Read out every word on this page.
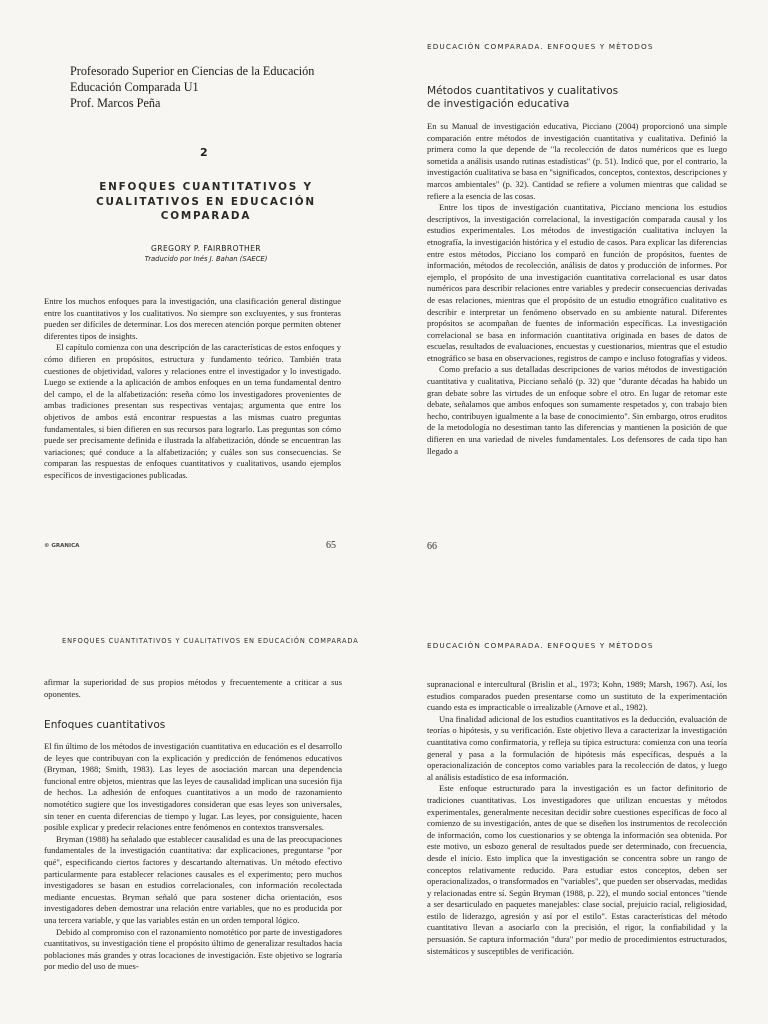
Profesorado Superior en Ciencias de la Educación
Educación Comparada U1
Prof. Marcos Peña
2
ENFOQUES CUANTITATIVOS Y
CUALITATIVOS EN EDUCACIÓN
COMPARADA
GREGORY P. FAIRBROTHER
Traducido por Inés J. Bahan (SAECE)

Entre los muchos enfoques para la investigación, una clasificación general distingue entre los cuantitativos y los cualitativos. No siempre son excluyentes, y sus fronteras pueden ser difíciles de determinar. Los dos merecen atención porque permiten obtener diferentes tipos de insights.

El capítulo comienza con una descripción de las características de estos enfoques y cómo difieren en propósitos, estructura y fundamento teórico. También trata cuestiones de objetividad, valores y relaciones entre el investigador y lo investigado. Luego se extiende a la aplicación de ambos enfoques en un tema fundamental dentro del campo, el de la alfabetización: reseña cómo los investigadores provenientes de ambas tradiciones presentan sus respectivas ventajas; argumenta que entre los objetivos de ambos está encontrar respuestas a las mismas cuatro preguntas fundamentales, si bien difieren en sus recursos para lograrlo. Las preguntas son cómo puede ser precisamente definida e ilustrada la alfabetización, dónde se encuentran las variaciones; qué conduce a la alfabetización; y cuáles son sus consecuencias. Se comparan las respuestas de enfoques cuantitativos y cualitativos, usando ejemplos específicos de investigaciones publicadas.

© GRANICA	65
EDUCACIÓN COMPARADA. ENFOQUES Y MÉTODOS
Métodos cuantitativos y cualitativos
de investigación educativa

En su Manual de investigación educativa, Picciano (2004) proporcionó una simple comparación entre métodos de investigación cuantitativa y cualitativa. Definió la primera como la que depende de "la recolección de datos numéricos que es luego sometida a análisis usando rutinas estadísticas" (p. 51). Indicó que, por el contrario, la investigación cualitativa se basa en "significados, conceptos, contextos, descripciones y marcos ambientales" (p. 32). Cantidad se refiere a volumen mientras que calidad se refiere a la esencia de las cosas.

Entre los tipos de investigación cuantitativa, Picciano menciona los estudios descriptivos, la investigación correlacional, la investigación comparada causal y los estudios experimentales. Los métodos de investigación cualitativa incluyen la etnografía, la investigación histórica y el estudio de casos. Para explicar las diferencias entre estos métodos, Picciano los comparó en función de propósitos, fuentes de información, métodos de recolección, análisis de datos y producción de informes. Por ejemplo, el propósito de una investigación cuantitativa correlacional es usar datos numéricos para describir relaciones entre variables y predecir consecuencias derivadas de esas relaciones, mientras que el propósito de un estudio etnográfico cualitativo es describir e interpretar un fenómeno observado en su ambiente natural. Diferentes propósitos se acompañan de fuentes de información específicas. La investigación correlacional se basa en información cuantitativa originada en bases de datos de escuelas, resultados de evaluaciones, encuestas y cuestionarios, mientras que el estudio etnográfico se basa en observaciones, registros de campo e incluso fotografías y videos.

Como prefacio a sus detalladas descripciones de varios métodos de investigación cuantitativa y cualitativa, Picciano señaló (p. 32) que "durante décadas ha habido un gran debate sobre las virtudes de un enfoque sobre el otro. En lugar de retomar este debate, señalamos que ambos enfoques son sumamente respetados y, con trabajo bien hecho, contribuyen igualmente a la base de conocimiento". Sin embargo, otros eruditos de la metodología no desestiman tanto las diferencias y mantienen la posición de que difieren en una variedad de niveles fundamentales. Los defensores de cada tipo han llegado a

66
ENFOQUES CUANTITATIVOS Y CUALITATIVOS EN EDUCACIÓN COMPARADA
afirmar la superioridad de sus propios métodos y frecuentemente a criticar a sus oponentes.
Enfoques cuantitativos

El fin último de los métodos de investigación cuantitativa en educación es el desarrollo de leyes que contribuyan con la explicación y predicción de fenómenos educativos (Bryman, 1988; Smith, 1983). Las leyes de asociación marcan una dependencia funcional entre objetos, mientras que las leyes de causalidad implican una sucesión fija de hechos. La adhesión de enfoques cuantitativos a un modo de razonamiento nomotético sugiere que los investigadores consideran que esas leyes son universales, sin tener en cuenta diferencias de tiempo y lugar. Las leyes, por consiguiente, hacen posible explicar y predecir relaciones entre fenómenos en contextos transversales.

Bryman (1988) ha señalado que establecer causalidad es una de las preocupaciones fundamentales de la investigación cuantitativa: dar explicaciones, preguntarse "por qué", especificando ciertos factores y descartando alternativas. Un método efectivo particularmente para establecer relaciones causales es el experimento; pero muchos investigadores se basan en estudios correlacionales, con información recolectada mediante encuestas. Bryman señaló que para sostener dicha orientación, esos investigadores deben demostrar una relación entre variables, que no es producida por una tercera variable, y que las variables están en un orden temporal lógico.

Debido al compromiso con el razonamiento nomotético por parte de investigadores cuantitativos, su investigación tiene el propósito último de generalizar resultados hacia poblaciones más grandes y otras locaciones de investigación. Este objetivo se lograría por medio del uso de mues-

EDUCACIÓN COMPARADA. ENFOQUES Y MÉTODOS

supranacional e intercultural (Brislin et al., 1973; Kohn, 1989; Marsh, 1967). Así, los estudios comparados pueden presentarse como un sustituto de la experimentación cuando esta es impracticable o irrealizable (Arnove et al., 1982).

Una finalidad adicional de los estudios cuantitativos es la deducción, evaluación de teorías o hipótesis, y su verificación. Este objetivo lleva a caracterizar la investigación cuantitativa como confirmatoria, y refleja su típica estructura: comienza con una teoría general y pasa a la formulación de hipótesis más específicas, después a la operacionalización de conceptos como variables para la recolección de datos, y luego al análisis estadístico de esa información.

Este enfoque estructurado para la investigación es un factor definitorio de tradiciones cuantitativas. Los investigadores que utilizan encuestas y métodos experimentales, generalmente necesitan decidir sobre cuestiones específicas de foco al comienzo de su investigación, antes de que se diseñen los instrumentos de recolección de información, como los cuestionarios y se obtenga la información sea obtenida. Por este motivo, un esbozo general de resultados puede ser determinado, con frecuencia, desde el inicio. Esto implica que la investigación se concentra sobre un rango de conceptos relativamente reducido. Para estudiar estos conceptos, deben ser operacionalizados, o transformados en "variables", que pueden ser observadas, medidas y relacionadas entre sí. Según Bryman (1988, p. 22), el mundo social entonces "tiende a ser desarticulado en paquetes manejables: clase social, prejuicio racial, religiosidad, estilo de liderazgo, agresión y así por el estilo". Estas características del método cuantitativo llevan a asociarlo con la precisión, el rigor, la confiabilidad y la persuasión. Se captura información "dura" por medio de procedimientos estructurados, sistemáticos y susceptibles de verificación.
